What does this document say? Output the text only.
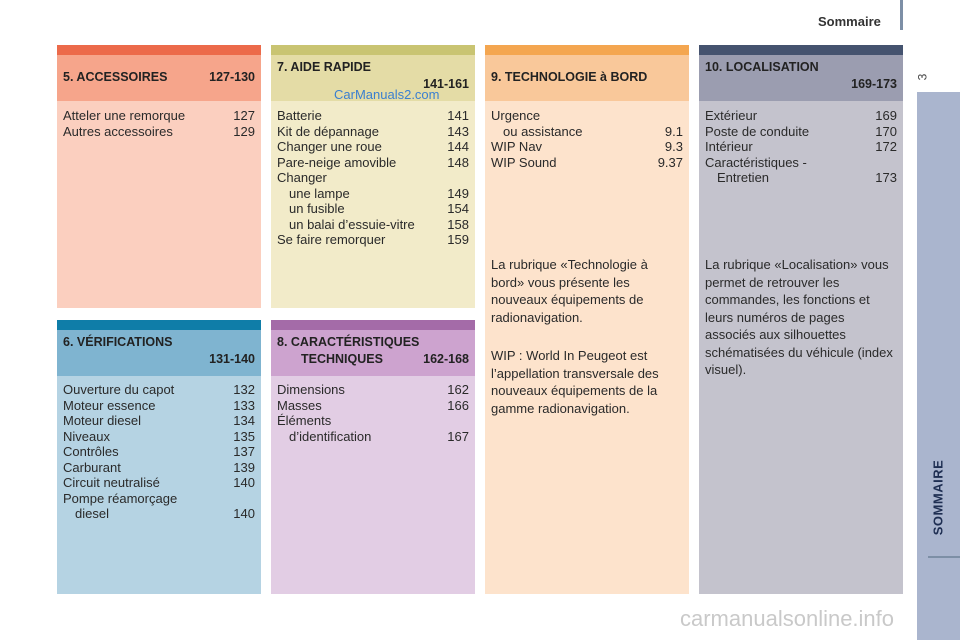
Sommaire
3
SOMMAIRE
5. ACCESSOIRES	127-130
Atteler une remorque	127
Autres accessoires	129
7. AIDE RAPIDE
141-161
Batterie	141
Kit de dépannage	143
Changer une roue	144
Pare-neige amovible	148
Changer
une lampe	149
un fusible	154
un balai d’essuie-vitre	158
Se faire remorquer	159
CarManuals2.com
9. TECHNOLOGIE à BORD
Urgence
ou assistance	9.1
WIP Nav	9.3
WIP Sound	9.37
La rubrique «Technologie à bord» vous présente les nouveaux équipements de radionavigation.
WIP : World In Peugeot est l’appellation transversale des nouveaux équipements de la gamme radionavigation.
10. LOCALISATION
169-173
Extérieur	169
Poste de conduite	170
Intérieur	172
Caractéristiques -
Entretien	173
La rubrique «Localisation» vous permet de retrouver les commandes, les fonctions et leurs numéros de pages associés aux silhouettes schématisées du véhicule (index visuel).
6. VÉRIFICATIONS
131-140
Ouverture du capot	132
Moteur essence	133
Moteur diesel	134
Niveaux	135
Contrôles	137
Carburant	139
Circuit neutralisé	140
Pompe réamorçage
diesel	140
8. CARACTÉRISTIQUES
TECHNIQUES	162-168
Dimensions	162
Masses	166
Éléments
d’identification	167
carmanualsonline.info
